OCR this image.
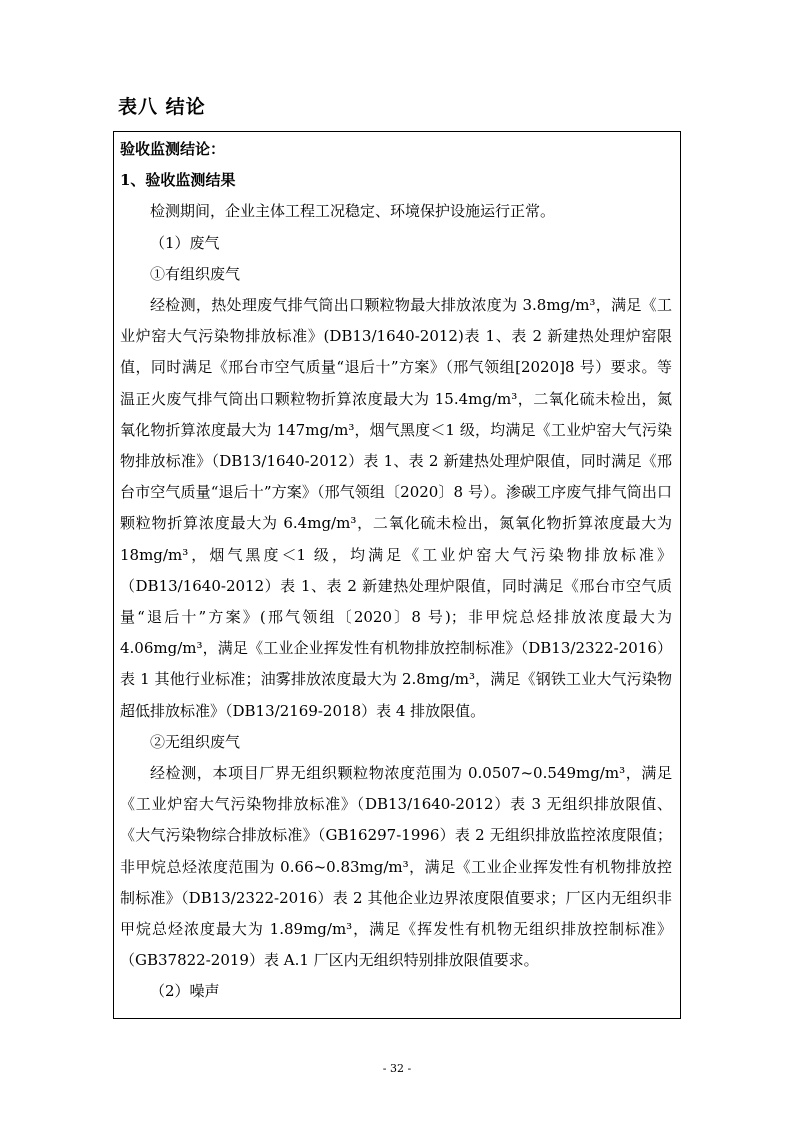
表八 结论

验收监测结论：

1、验收监测结果

检测期间，企业主体工程工况稳定、环境保护设施运行正常。

（1）废气

①有组织废气

经检测，热处理废气排气筒出口颗粒物最大排放浓度为 3.8mg/m³，满足《工业炉窑大气污染物排放标准》(DB13/1640-2012)表 1、表 2 新建热处理炉窑限值，同时满足《邢台市空气质量“退后十”方案》（邢气领组[2020]8 号）要求。等温正火废气排气筒出口颗粒物折算浓度最大为 15.4mg/m³，二氧化硫未检出，氮氧化物折算浓度最大为 147mg/m³，烟气黑度＜1 级，均满足《工业炉窑大气污染物排放标准》（DB13/1640-2012）表 1、表 2 新建热处理炉限值，同时满足《邢台市空气质量“退后十”方案》（邢气领组〔2020〕8 号）。渗碳工序废气排气筒出口颗粒物折算浓度最大为 6.4mg/m³，二氧化硫未检出，氮氧化物折算浓度最大为 18mg/m³，烟气黑度＜1 级，均满足《工业炉窑大气污染物排放标准》（DB13/1640-2012）表 1、表 2 新建热处理炉限值，同时满足《邢台市空气质量“退后十”方案》(邢气领组〔2020〕8 号)；非甲烷总烃排放浓度最大为 4.06mg/m³，满足《工业企业挥发性有机物排放控制标准》（DB13/2322-2016）表 1 其他行业标准；油雾排放浓度最大为 2.8mg/m³，满足《钢铁工业大气污染物超低排放标准》（DB13/2169-2018）表 4 排放限值。

②无组织废气

经检测，本项目厂界无组织颗粒物浓度范围为 0.0507~0.549mg/m³，满足《工业炉窑大气污染物排放标准》（DB13/1640-2012）表 3 无组织排放限值、《大气污染物综合排放标准》（GB16297-1996）表 2 无组织排放监控浓度限值；非甲烷总烃浓度范围为 0.66~0.83mg/m³，满足《工业企业挥发性有机物排放控制标准》（DB13/2322-2016）表 2 其他企业边界浓度限值要求；厂区内无组织非甲烷总烃浓度最大为 1.89mg/m³，满足《挥发性有机物无组织排放控制标准》（GB37822-2019）表 A.1 厂区内无组织特别排放限值要求。

（2）噪声

- 32 -
